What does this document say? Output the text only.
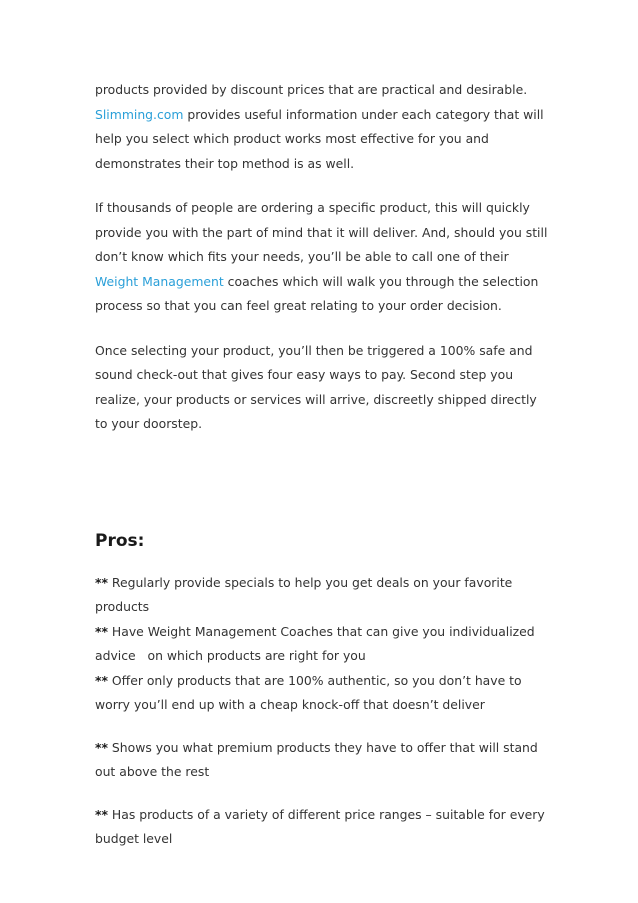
products provided by discount prices that are practical and desirable.
Slimming.com provides useful information under each category that will help you select which product works most effective for you and demonstrates their top method is as well.

If thousands of people are ordering a specific product, this will quickly provide you with the part of mind that it will deliver. And, should you still don’t know which fits your needs, you’ll be able to call one of their Weight Management coaches which will walk you through the selection process so that you can feel great relating to your order decision.

Once selecting your product, you’ll then be triggered a 100% safe and sound check-out that gives four easy ways to pay. Second step you realize, your products or services will arrive, discreetly shipped directly to your doorstep.

Pros:

** Regularly provide specials to help you get deals on your favorite products

** Have Weight Management Coaches that can give you individualized advice   on which products are right for you

** Offer only products that are 100% authentic, so you don’t have to worry you’ll end up with a cheap knock-off that doesn’t deliver

** Shows you what premium products they have to offer that will stand out above the rest

** Has products of a variety of different price ranges – suitable for every budget level
